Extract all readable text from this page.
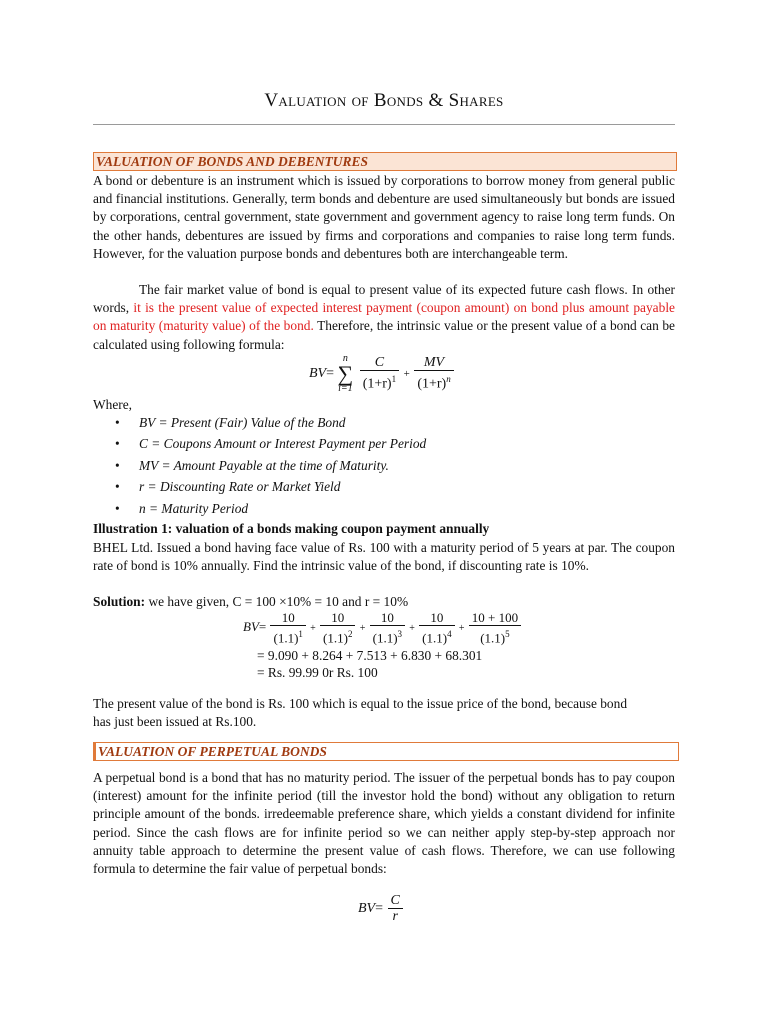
Valuation of Bonds & Shares
VALUATION OF BONDS AND DEBENTURES
A bond or debenture is an instrument which is issued by corporations to borrow money from general public and financial institutions. Generally, term bonds and debenture are used simultaneously but bonds are issued by corporations, central government, state government and government agency to raise long term funds. On the other hands, debentures are issued by firms and corporations and companies to raise long term funds. However, for the valuation purpose bonds and debentures both are interchangeable term.
The fair market value of bond is equal to present value of its expected future cash flows. In other words, it is the present value of expected interest payment (coupon amount) on bond plus amount payable on maturity (maturity value) of the bond. Therefore, the intrinsic value or the present value of a bond can be calculated using following formula:
BV= n
∑
$i=1 \frac{C}{(1+r)^1} + \frac{MV}{(1+r)^n}$
Where,
• BV = Present (Fair) Value of the Bond
• C = Coupons Amount or Interest Payment per Period
• MV = Amount Payable at the time of Maturity.
• r = Discounting Rate or Market Yield
• n = Maturity Period
Illustration 1: valuation of a bonds making coupon payment annually
BHEL Ltd. Issued a bond having face value of Rs. 100 with a maturity period of 5 years at par. The coupon rate of bond is 10% annually. Find the intrinsic value of the bond, if discounting rate is 10%.
Solution: we have given, C = 100 ×10% = 10 and r = 10%
$BV= \frac{10}{(1.1)^1} + \frac{10}{(1.1)^2} + \frac{10}{(1.1)^3} + \frac{10}{(1.1)^4} + \frac{10 + 100}{(1.1)^5}$
= 9.090 + 8.264 + 7.513 + 6.830 + 68.301
= Rs. 99.99 0r Rs. 100
The present value of the bond is Rs. 100 which is equal to the issue price of the bond, because bond has just been issued at Rs.100.
VALUATION OF PERPETUAL BONDS
A perpetual bond is a bond that has no maturity period. The issuer of the perpetual bonds has to pay coupon (interest) amount for the infinite period (till the investor hold the bond) without any obligation to return principle amount of the bonds. irredeemable preference share, which yields a constant dividend for infinite period. Since the cash flows are for infinite period so we can neither apply step-by-step approach nor annuity table approach to determine the present value of cash flows. Therefore, we can use following formula to determine the fair value of perpetual bonds:
$BV= \frac{C}{r}$
